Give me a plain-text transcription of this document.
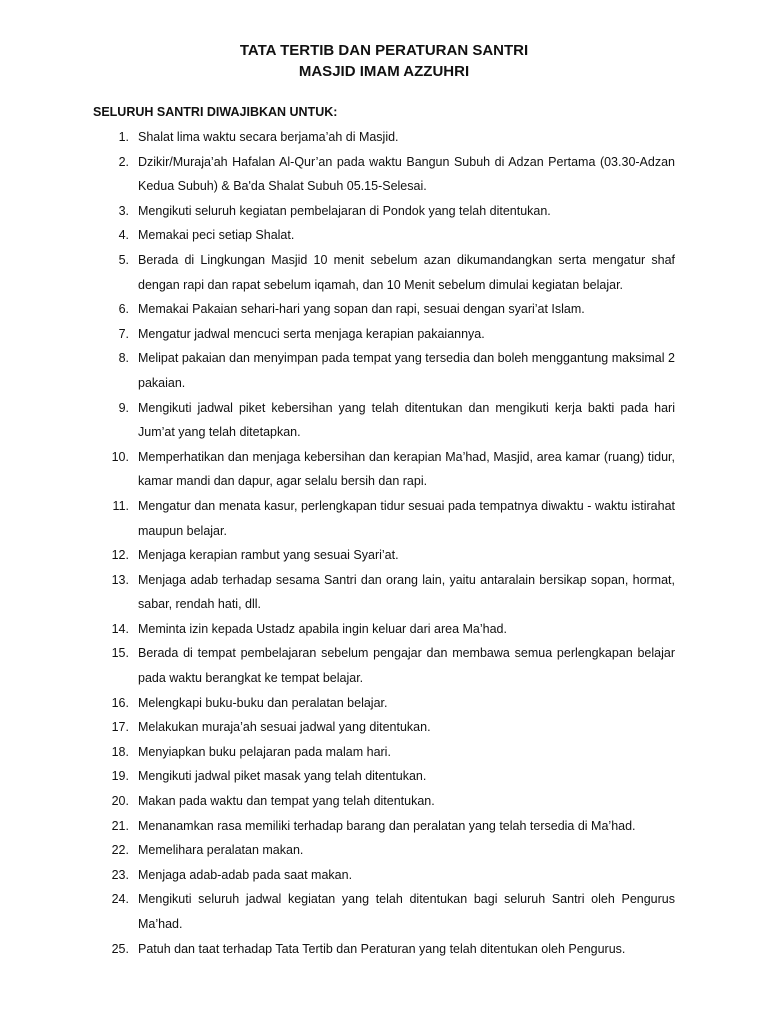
TATA TERTIB DAN PERATURAN SANTRI

MASJID IMAM AZZUHRI

SELURUH SANTRI DIWAJIBKAN UNTUK:
1. Shalat lima waktu secara berjama’ah di Masjid.
2. Dzikir/Muraja’ah Hafalan Al-Qur’an pada waktu Bangun Subuh di Adzan Pertama (03.30-Adzan Kedua Subuh) & Ba'da Shalat Subuh 05.15-Selesai.
3. Mengikuti seluruh kegiatan pembelajaran di Pondok yang telah ditentukan.
4. Memakai peci setiap Shalat.
5. Berada di Lingkungan Masjid 10 menit sebelum azan dikumandangkan serta mengatur shaf dengan rapi dan rapat sebelum iqamah, dan 10 Menit sebelum dimulai kegiatan belajar.
6. Memakai Pakaian sehari-hari yang sopan dan rapi, sesuai dengan syari’at Islam.
7. Mengatur jadwal mencuci serta menjaga kerapian pakaiannya.
8. Melipat pakaian dan menyimpan pada tempat yang tersedia dan boleh menggantung maksimal 2 pakaian.
9. Mengikuti jadwal piket kebersihan yang telah ditentukan dan mengikuti kerja bakti pada hari Jum’at yang telah ditetapkan.
10. Memperhatikan dan menjaga kebersihan dan kerapian Ma’had, Masjid, area kamar (ruang) tidur, kamar mandi dan dapur, agar selalu bersih dan rapi.
11. Mengatur dan menata kasur, perlengkapan tidur sesuai pada tempatnya diwaktu - waktu istirahat maupun belajar.
12. Menjaga kerapian rambut yang sesuai Syari’at.
13. Menjaga adab terhadap sesama Santri dan orang lain, yaitu antaralain bersikap sopan, hormat, sabar, rendah hati, dll.
14. Meminta izin kepada Ustadz apabila ingin keluar dari area Ma’had.
15. Berada di tempat pembelajaran sebelum pengajar dan membawa semua perlengkapan belajar pada waktu berangkat ke tempat belajar.
16. Melengkapi buku-buku dan peralatan belajar.
17. Melakukan muraja’ah sesuai jadwal yang ditentukan.
18. Menyiapkan buku pelajaran pada malam hari.
19. Mengikuti jadwal piket masak yang telah ditentukan.
20. Makan pada waktu dan tempat yang telah ditentukan.
21. Menanamkan rasa memiliki terhadap barang dan peralatan yang telah tersedia di Ma’had.
22. Memelihara peralatan makan.
23. Menjaga adab-adab pada saat makan.
24. Mengikuti seluruh jadwal kegiatan yang telah ditentukan bagi seluruh Santri oleh Pengurus Ma’had.
25. Patuh dan taat terhadap Tata Tertib dan Peraturan yang telah ditentukan oleh Pengurus.
